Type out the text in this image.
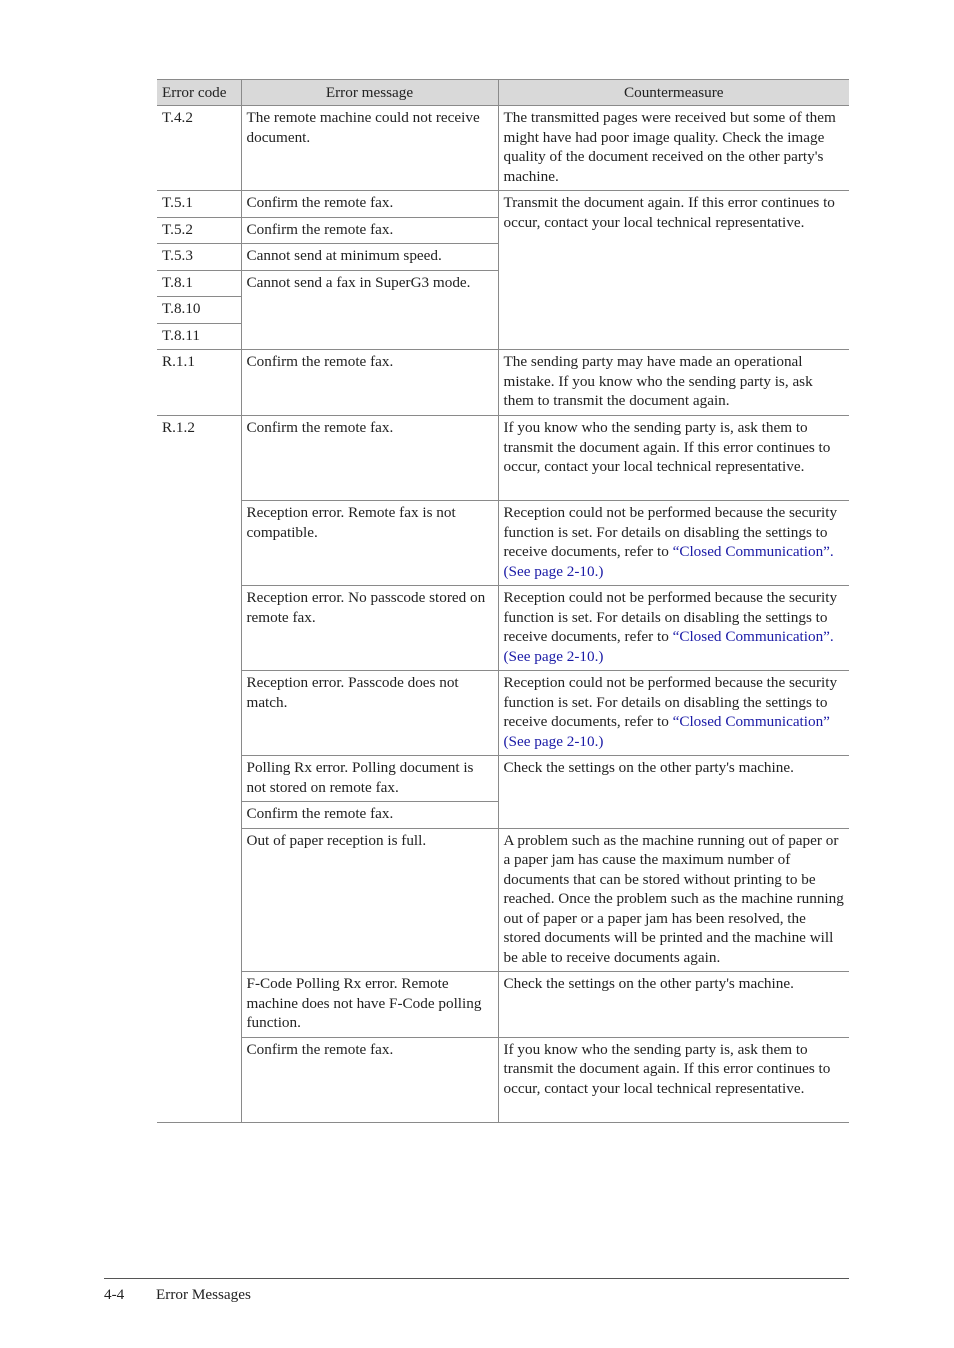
Error code	Error message	Countermeasure
T.4.2	The remote machine could not receive document.	The transmitted pages were received but some of them might have had poor image quality. Check the image quality of the document received on the other party's machine.
T.5.1	Confirm the remote fax.	Transmit the document again. If this error continues to occur, contact your local technical representative.
T.5.2	Confirm the remote fax.	
T.5.3	Cannot send at minimum speed.	
T.8.1	Cannot send a fax in SuperG3 mode.	
T.8.10		
T.8.11		
R.1.1	Confirm the remote fax.	The sending party may have made an operational mistake. If you know who the sending party is, ask them to transmit the document again.
R.1.2	Confirm the remote fax.	If you know who the sending party is, ask them to transmit the document again. If this error continues to occur, contact your local technical representative.
	Reception error. Remote fax is not compatible.	Reception could not be performed because the security function is set. For details on disabling the settings to receive documents, refer to “Closed Communication”. (See page 2-10.)
	Reception error. No passcode stored on remote fax.	Reception could not be performed because the security function is set. For details on disabling the settings to receive documents, refer to “Closed Communication”. (See page 2-10.)
	Reception error. Passcode does not match.	Reception could not be performed because the security function is set. For details on disabling the settings to receive documents, refer to “Closed Communication” (See page 2-10.)
	Polling Rx error. Polling document is not stored on remote fax.	Check the settings on the other party's machine.
	Confirm the remote fax.	
	Out of paper reception is full.	A problem such as the machine running out of paper or a paper jam has cause the maximum number of documents that can be stored without printing to be reached. Once the problem such as the machine running out of paper or a paper jam has been resolved, the stored documents will be printed and the machine will be able to receive documents again.
	F-Code Polling Rx error. Remote machine does not have F-Code polling function.	Check the settings on the other party's machine.
	Confirm the remote fax.	If you know who the sending party is, ask them to transmit the document again. If this error continues to occur, contact your local technical representative.
4-4 Error Messages
